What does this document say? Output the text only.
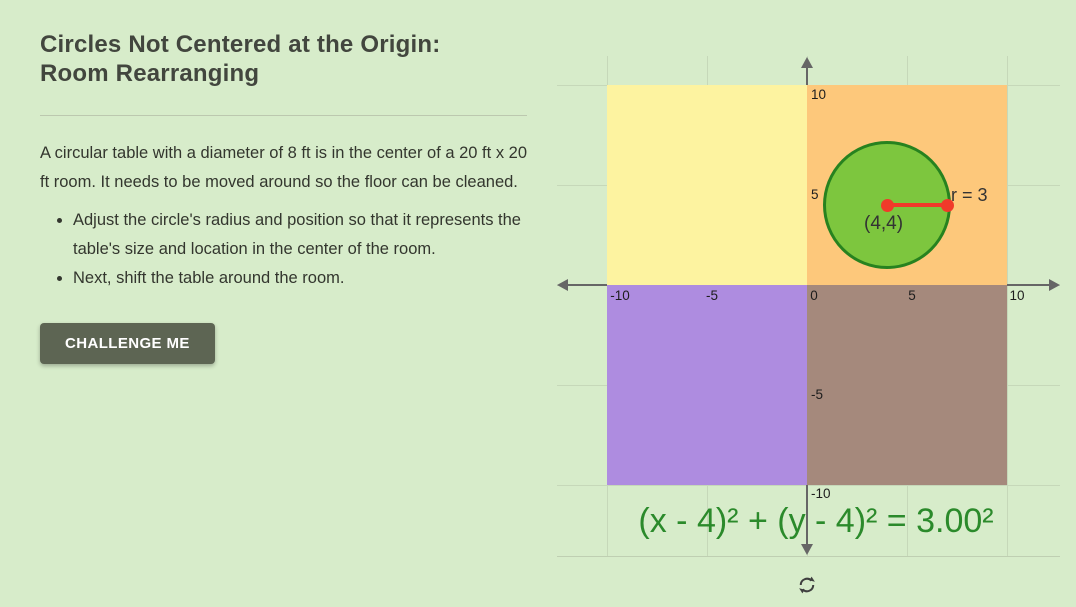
Circles Not Centered at the Origin:
Room Rearranging

A circular table with a diameter of 8 ft is in the center of a 20 ft x 20 ft room. It needs to be moved around so the floor can be cleaned.

• Adjust the circle's radius and position so that it represents the table's size and location in the center of the room.
• Next, shift the table around the room.
CHALLENGE ME
(4,4)
r = 3
-10	-5	0	5	10
10
5
-5
-10
(x - 4)² + (y - 4)² = 3.00²
